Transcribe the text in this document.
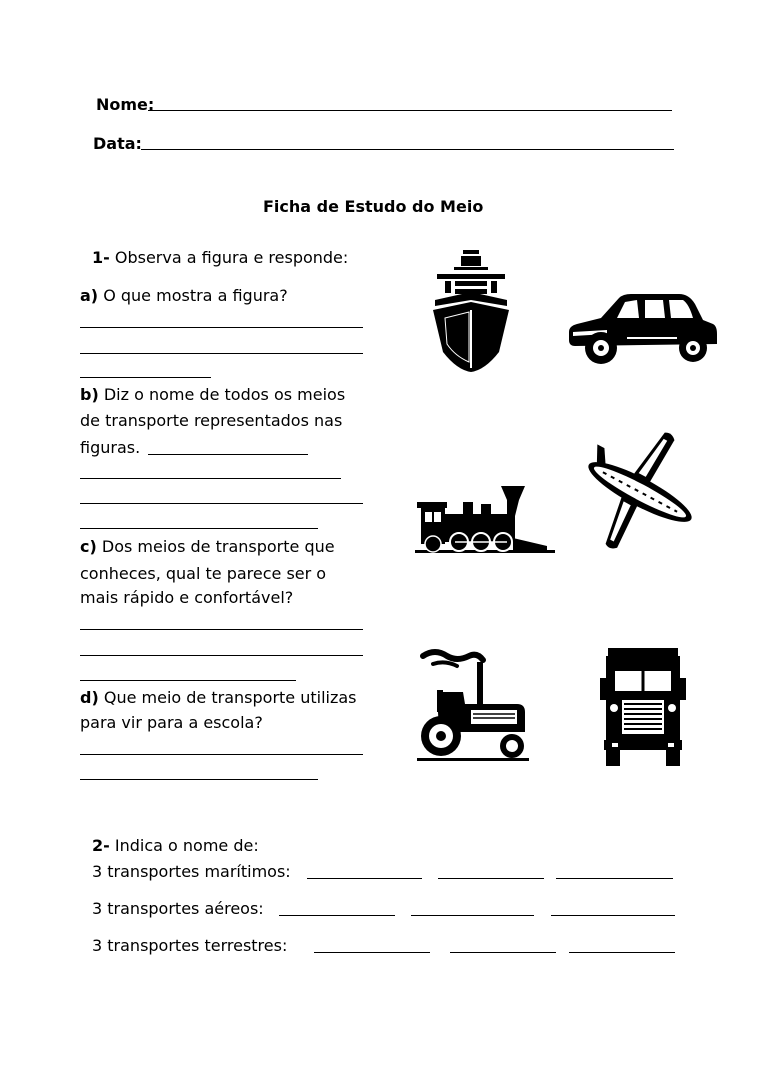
Nome:
Data:
Ficha de Estudo do Meio
1- Observa a figura e responde:
a) O que mostra a figura?
b) Diz o nome de todos os meios
de transporte representados nas
figuras.
c) Dos meios de transporte que
conheces, qual te parece ser o
mais rápido e confortável?
d) Que meio de transporte utilizas
para vir para a escola?
2- Indica o nome de:
3 transportes marítimos:
3 transportes aéreos:
3 transportes terrestres:
